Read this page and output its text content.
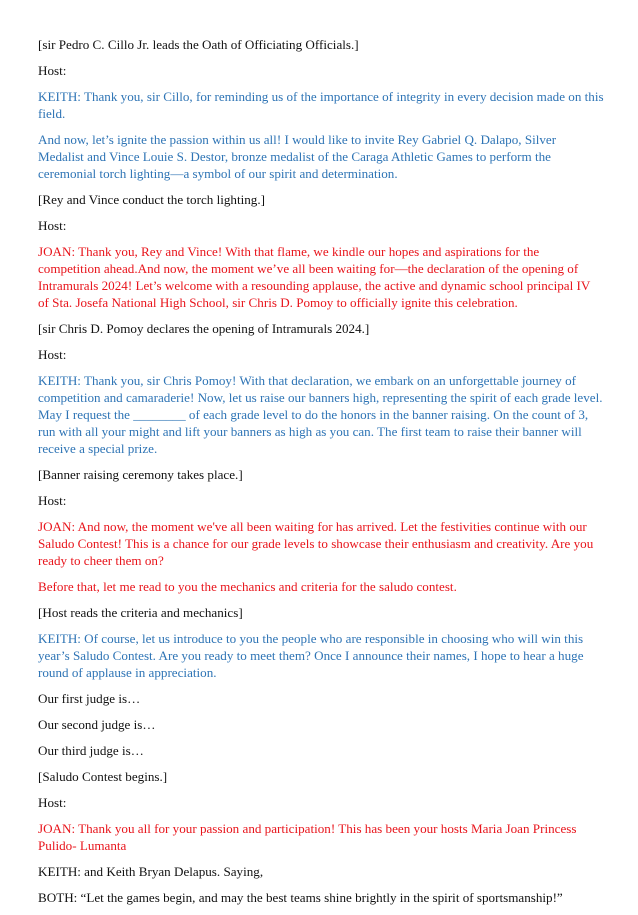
[sir Pedro C. Cillo Jr. leads the Oath of Officiating Officials.]

Host:

KEITH: Thank you, sir Cillo, for reminding us of the importance of integrity in every decision made on this field.

And now, let’s ignite the passion within us all! I would like to invite Rey Gabriel Q. Dalapo, Silver Medalist and Vince Louie S. Destor, bronze medalist of the Caraga Athletic Games to perform the ceremonial torch lighting—a symbol of our spirit and determination.

[Rey and Vince conduct the torch lighting.]

Host:

JOAN: Thank you, Rey and Vince! With that flame, we kindle our hopes and aspirations for the competition ahead.And now, the moment we’ve all been waiting for—the declaration of the opening of Intramurals 2024! Let’s welcome with a resounding applause, the active and dynamic school principal IV of Sta. Josefa National High School, sir Chris D. Pomoy to officially ignite this celebration.

[sir Chris D. Pomoy declares the opening of Intramurals 2024.]

Host:

KEITH: Thank you, sir Chris Pomoy! With that declaration, we embark on an unforgettable journey of competition and camaraderie! Now, let us raise our banners high, representing the spirit of each grade level. May I request the ________ of each grade level to do the honors in the banner raising. On the count of 3, run with all your might and lift your banners as high as you can. The first team to raise their banner will receive a special prize.

[Banner raising ceremony takes place.]

Host:

JOAN: And now, the moment we've all been waiting for has arrived. Let the festivities continue with our Saludo Contest! This is a chance for our grade levels to showcase their enthusiasm and creativity. Are you ready to cheer them on?

Before that, let me read to you the mechanics and criteria for the saludo contest.

[Host reads the criteria and mechanics]

KEITH: Of course, let us introduce to you the people who are responsible in choosing who will win this year’s Saludo Contest. Are you ready to meet them? Once I announce their names, I hope to hear a huge round of applause in appreciation.

Our first judge is…

Our second judge is…

Our third judge is…

[Saludo Contest begins.]

Host:

JOAN: Thank you all for your passion and participation! This has been your hosts Maria Joan Princess Pulido- Lumanta

KEITH: and Keith Bryan Delapus. Saying,

BOTH: “Let the games begin, and may the best teams shine brightly in the spirit of sportsmanship!”
